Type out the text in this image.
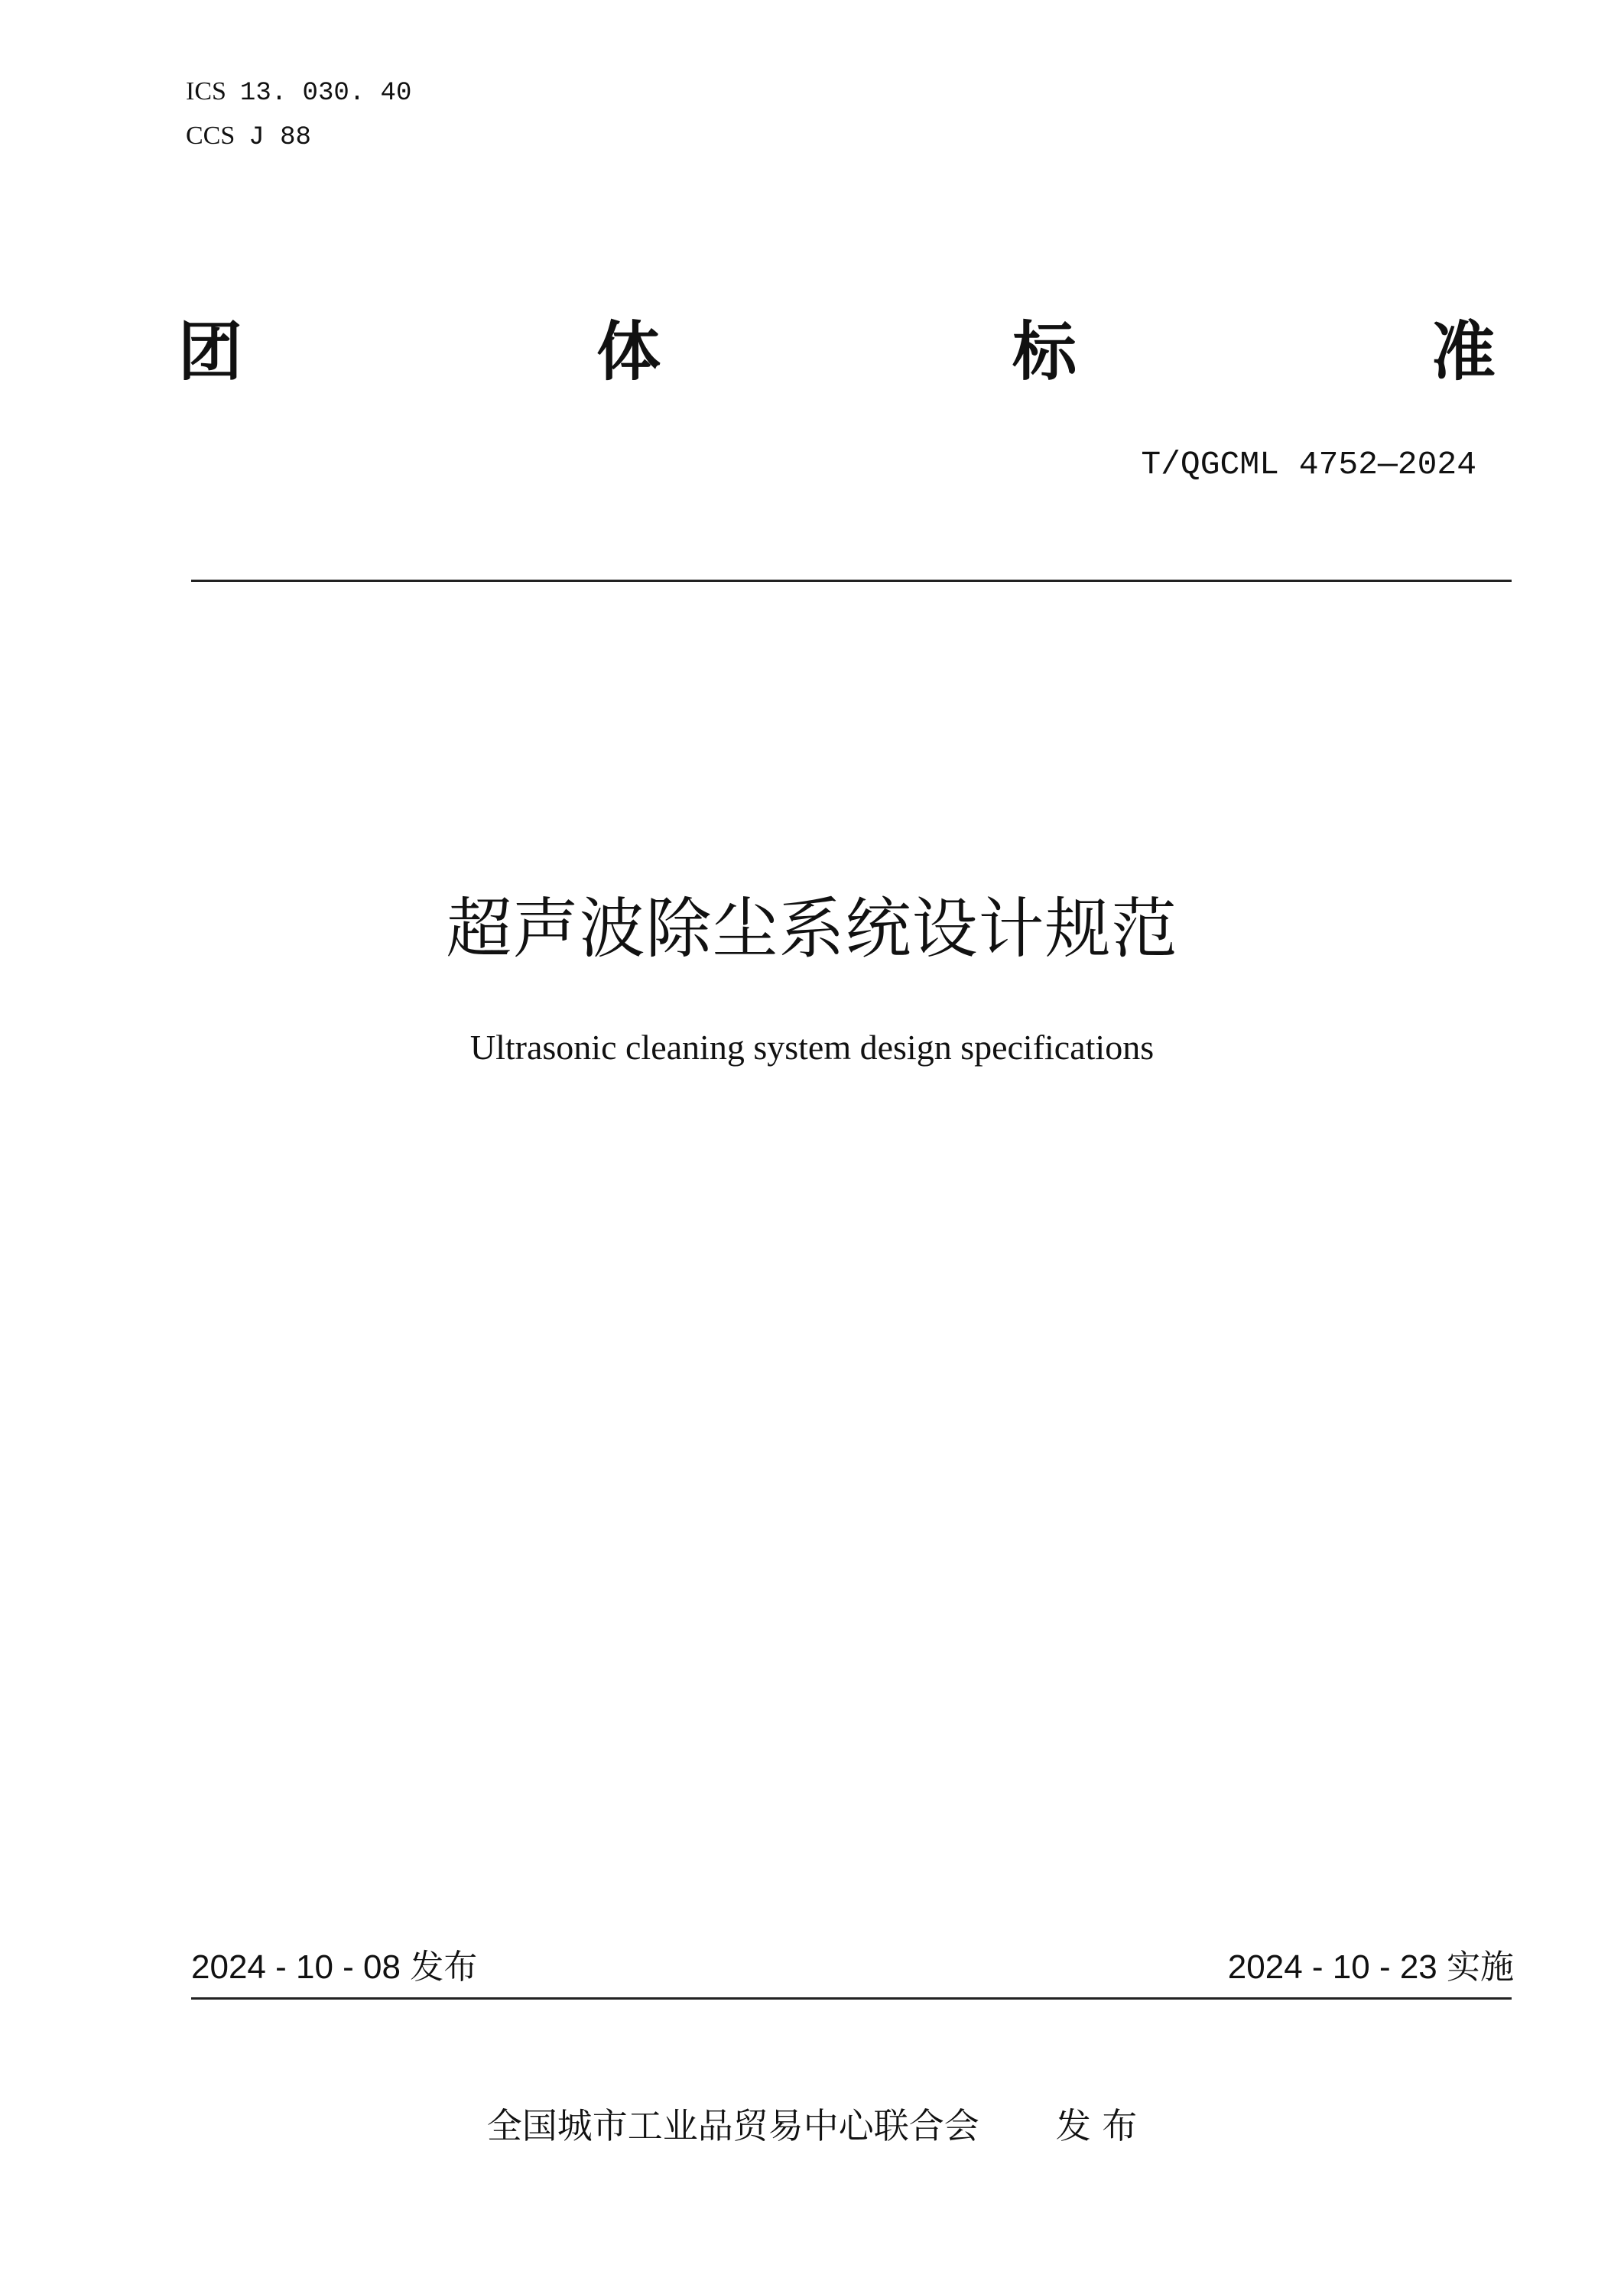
ICS 13. 030. 40
CCS J 88
团	体	标	准
T/QGCML 4752—2024
超声波除尘系统设计规范
Ultrasonic cleaning system design specifications
2024 - 10 - 08 发布	2024 - 10 - 23 实施
全国城市工业品贸易中心联合会 发 布
